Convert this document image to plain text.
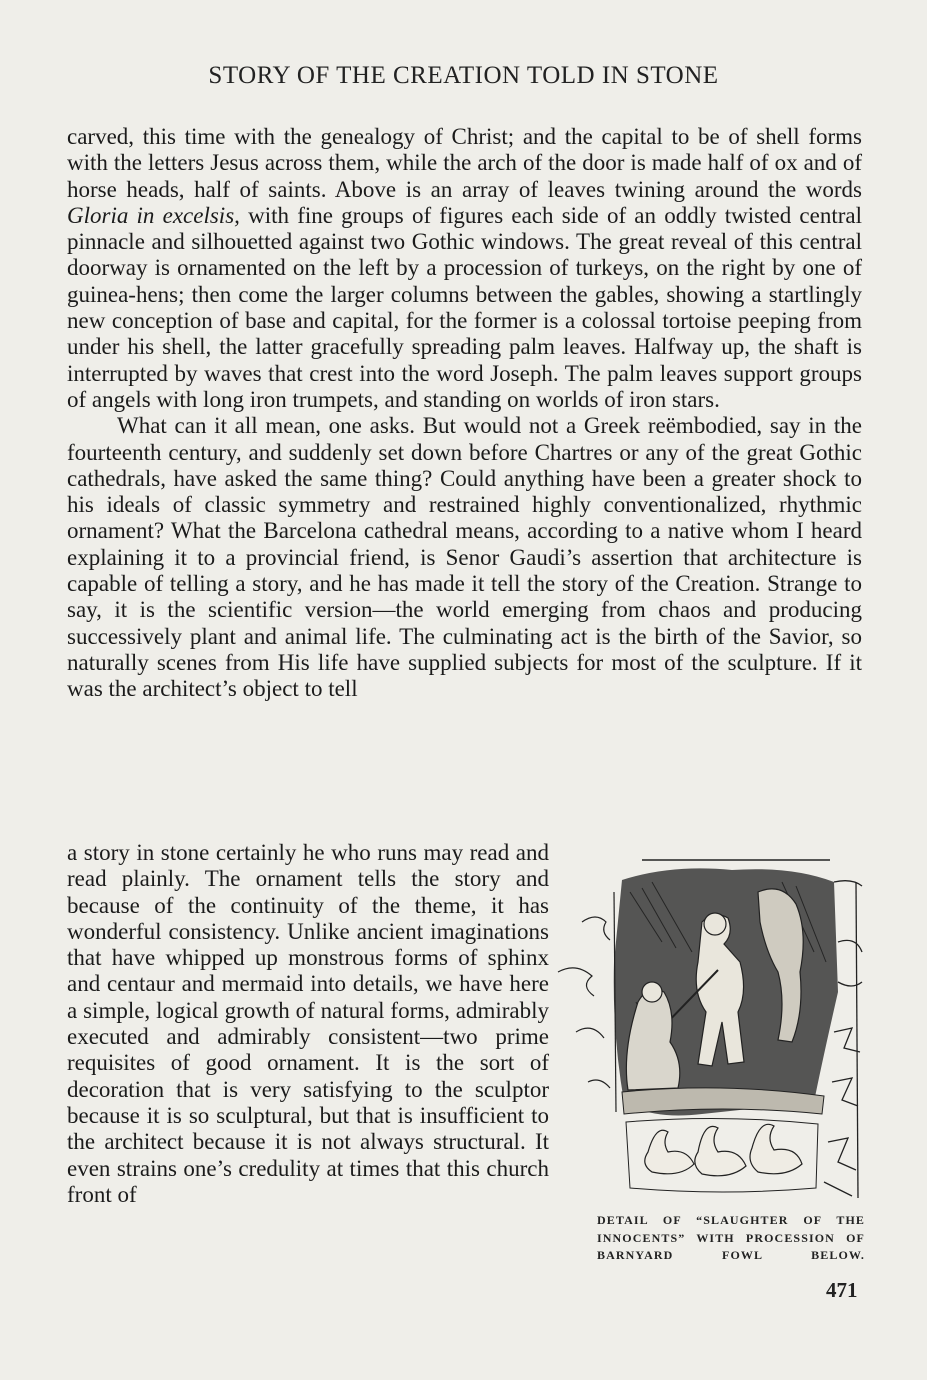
STORY OF THE CREATION TOLD IN STONE

carved, this time with the genealogy of Christ; and the capital to be of shell forms with the letters Jesus across them, while the arch of the door is made half of ox and of horse heads, half of saints. Above is an array of leaves twining around the words Gloria in excelsis, with fine groups of figures each side of an oddly twisted central pinnacle and silhouetted against two Gothic windows. The great reveal of this central doorway is ornamented on the left by a procession of turkeys, on the right by one of guinea-hens; then come the larger columns between the gables, showing a startlingly new conception of base and capital, for the former is a colossal tortoise peeping from under his shell, the latter gracefully spreading palm leaves. Halfway up, the shaft is interrupted by waves that crest into the word Joseph. The palm leaves support groups of angels with long iron trumpets, and standing on worlds of iron stars.

What can it all mean, one asks. But would not a Greek reëmbodied, say in the fourteenth century, and suddenly set down before Chartres or any of the great Gothic cathedrals, have asked the same thing? Could anything have been a greater shock to his ideals of classic symmetry and restrained highly conventionalized, rhythmic ornament? What the Barcelona cathedral means, according to a native whom I heard explaining it to a provincial friend, is Senor Gaudi’s assertion that architecture is capable of telling a story, and he has made it tell the story of the Creation. Strange to say, it is the scientific version—the world emerging from chaos and producing successively plant and animal life. The culminating act is the birth of the Savior, so naturally scenes from His life have supplied subjects for most of the sculpture. If it was the architect’s object to tell

a story in stone certainly he who runs may read and read plainly. The ornament tells the story and because of the continuity of the theme, it has wonderful consistency. Unlike ancient imaginations that have whipped up monstrous forms of sphinx and centaur and mermaid into details, we have here a simple, logical growth of natural forms, admirably executed and admirably consistent—two prime requisites of good ornament. It is the sort of decoration that is very satisfying to the sculptor because it is so sculptural, but that is insufficient to the architect because it is not always structural. It even strains one’s credulity at times that this church front of

DETAIL OF “SLAUGHTER OF THE INNOCENTS” WITH PROCESSION OF BARNYARD FOWL BELOW.
471
